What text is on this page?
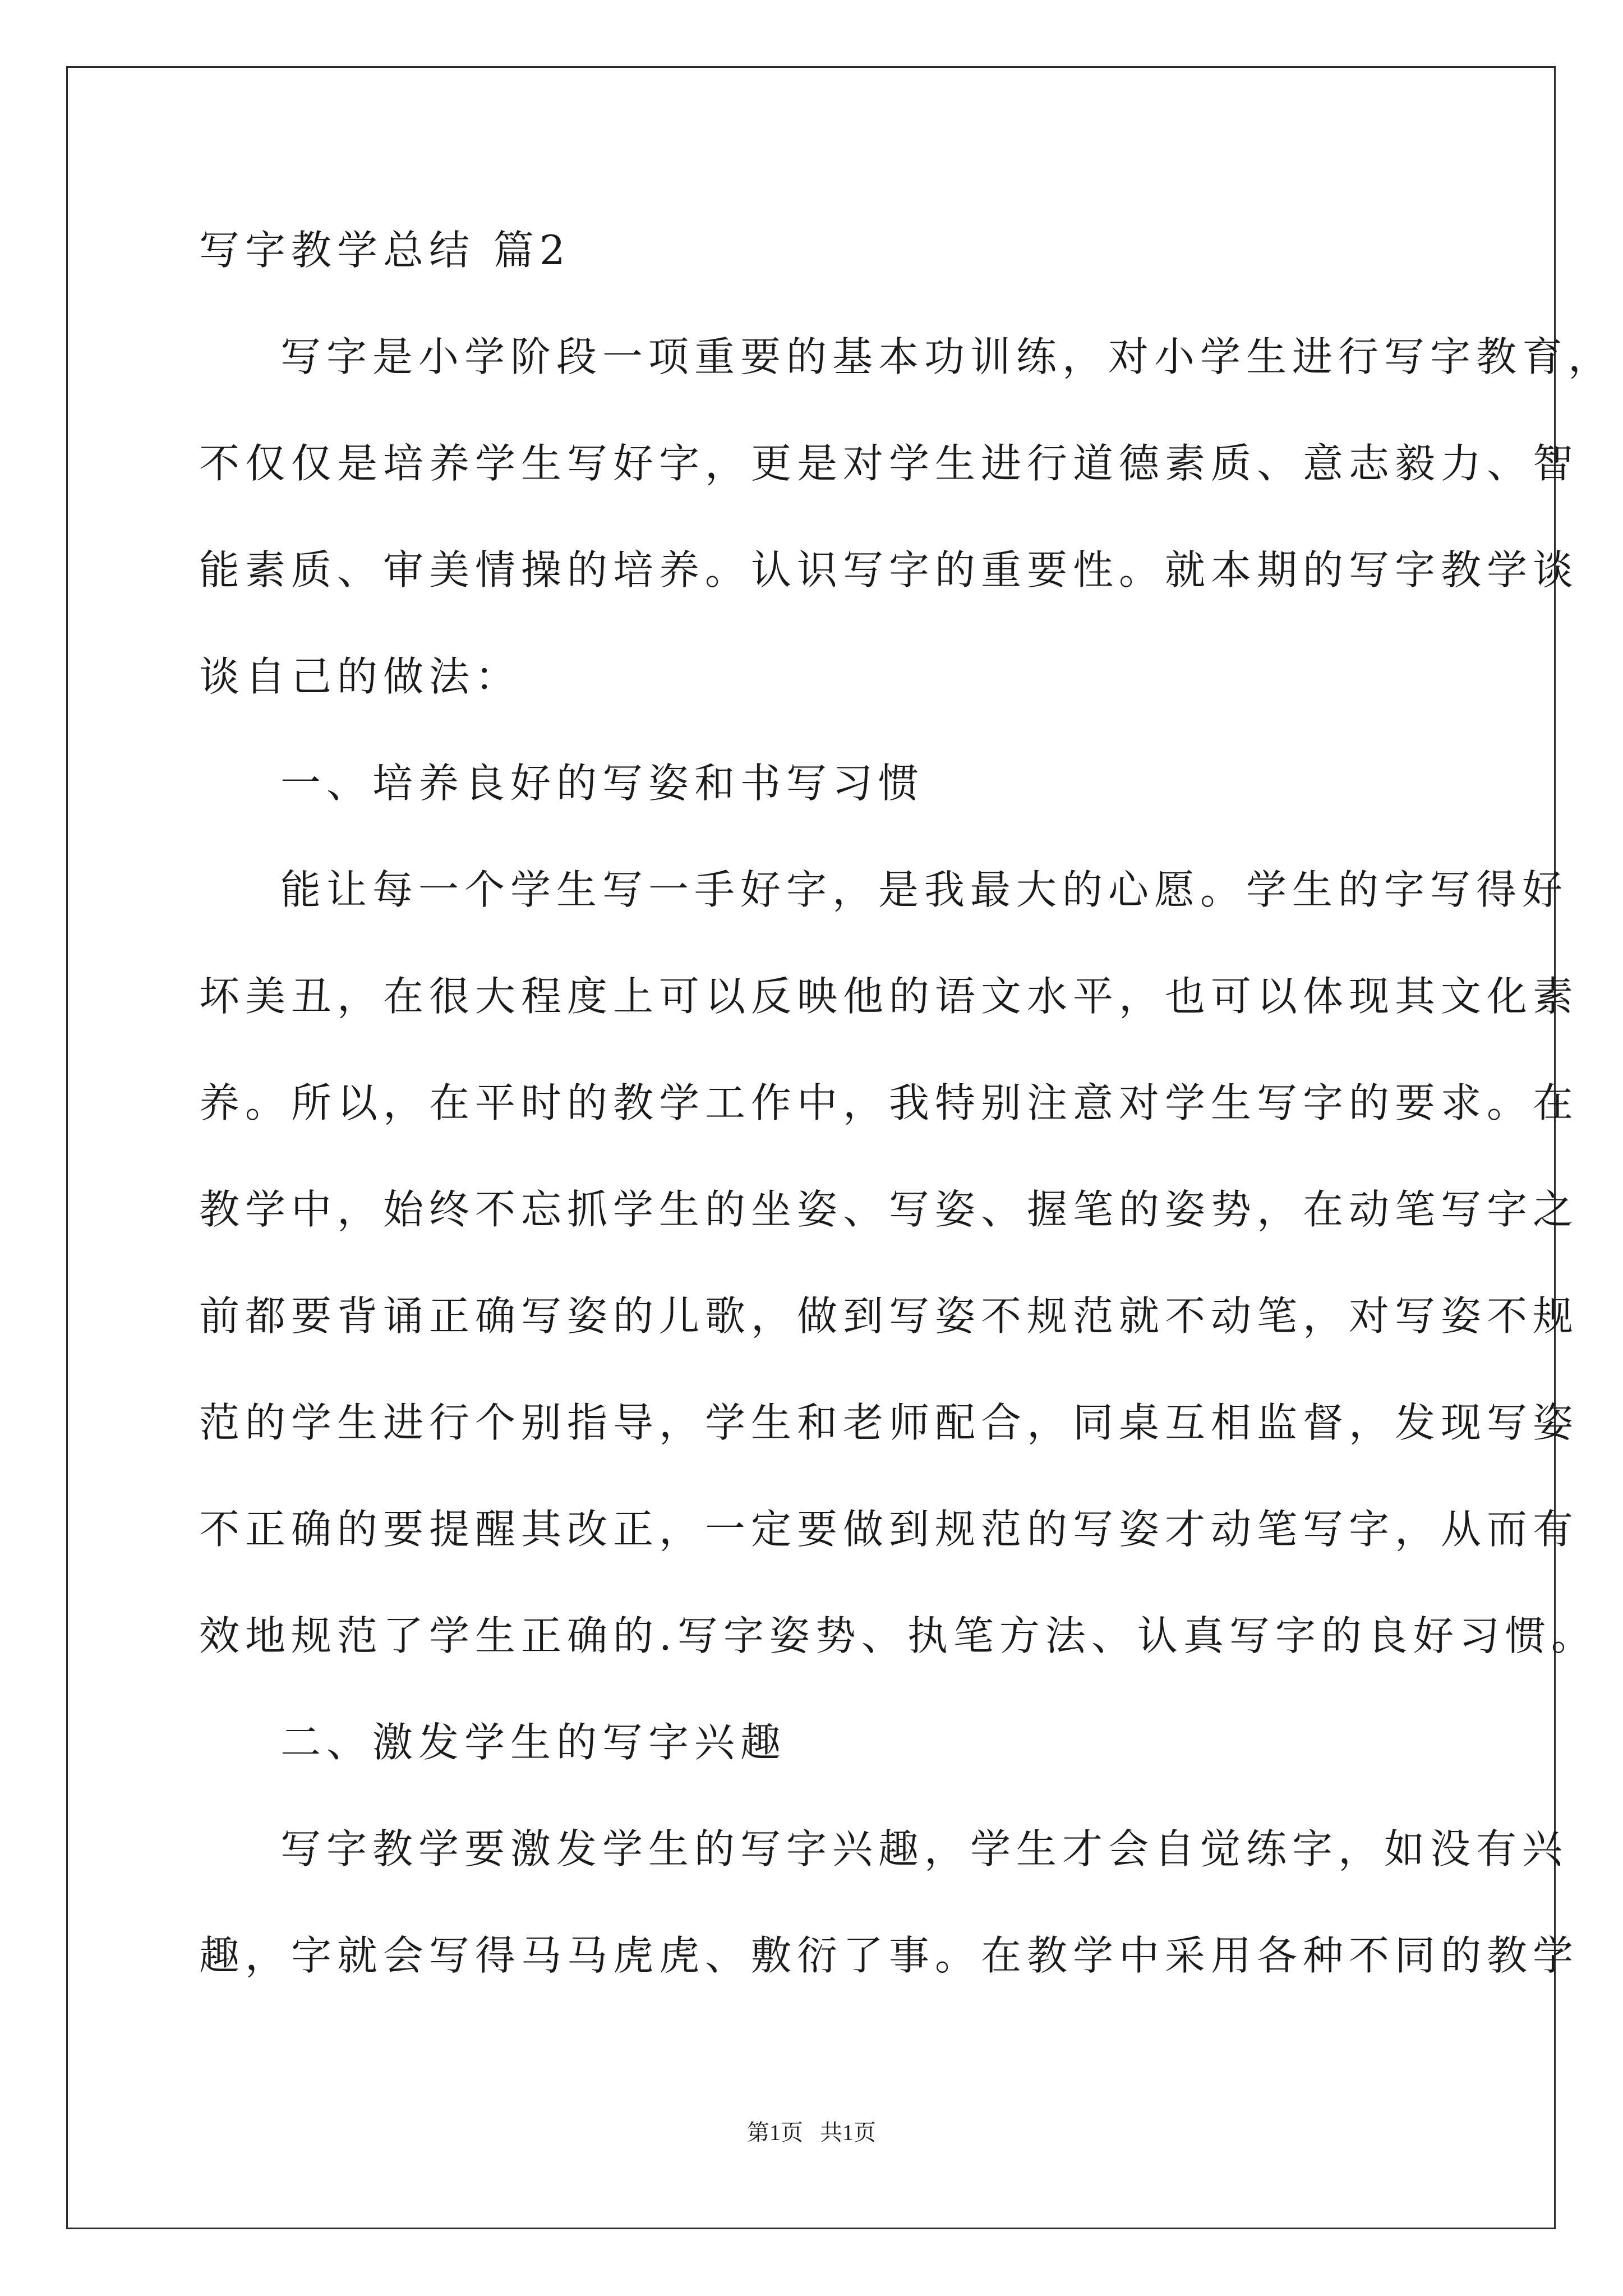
写字教学总结 篇2
写字是小学阶段一项重要的基本功训练，对小学生进行写字教育，
不仅仅是培养学生写好字，更是对学生进行道德素质、意志毅力、智
能素质、审美情操的培养。认识写字的重要性。就本期的写字教学谈
谈自己的做法：
一、培养良好的写姿和书写习惯
能让每一个学生写一手好字，是我最大的心愿。学生的字写得好
坏美丑，在很大程度上可以反映他的语文水平，也可以体现其文化素
养。所以，在平时的教学工作中，我特别注意对学生写字的要求。在
教学中，始终不忘抓学生的坐姿、写姿、握笔的姿势，在动笔写字之
前都要背诵正确写姿的儿歌，做到写姿不规范就不动笔，对写姿不规
范的学生进行个别指导，学生和老师配合，同桌互相监督，发现写姿
不正确的要提醒其改正，一定要做到规范的写姿才动笔写字，从而有
效地规范了学生正确的.写字姿势、执笔方法、认真写字的良好习惯。
二、激发学生的写字兴趣
写字教学要激发学生的写字兴趣，学生才会自觉练字，如没有兴
趣，字就会写得马马虎虎、敷衍了事。在教学中采用各种不同的教学
第1页   共1页
